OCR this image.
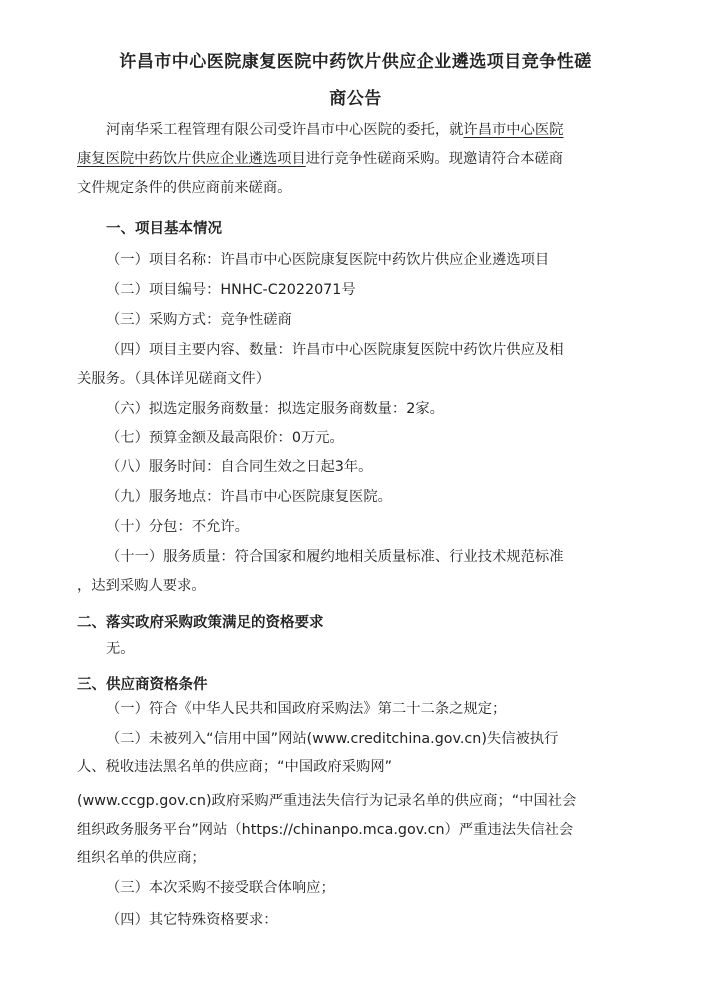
许昌市中心医院康复医院中药饮片供应企业遴选项目竞争性磋
商公告
河南华采工程管理有限公司受许昌市中心医院的委托，就许昌市中心医院
康复医院中药饮片供应企业遴选项目进行竞争性磋商采购。现邀请符合本磋商
文件规定条件的供应商前来磋商。
一、项目基本情况
（一）项目名称：许昌市中心医院康复医院中药饮片供应企业遴选项目
（二）项目编号：HNHC-C2022071号
（三）采购方式：竞争性磋商
（四）项目主要内容、数量：许昌市中心医院康复医院中药饮片供应及相
关服务。（具体详见磋商文件）
（六）拟选定服务商数量：拟选定服务商数量：2家。
（七）预算金额及最高限价：0万元。
（八）服务时间：自合同生效之日起3年。
（九）服务地点：许昌市中心医院康复医院。
（十）分包：不允许。
（十一）服务质量：符合国家和履约地相关质量标准、行业技术规范标准
，达到采购人要求。
二、落实政府采购政策满足的资格要求
无。
三、供应商资格条件
（一）符合《中华人民共和国政府采购法》第二十二条之规定；
（二）未被列入“信用中国”网站(www.creditchina.gov.cn)失信被执行
人、税收违法黑名单的供应商；“中国政府采购网”
(www.ccgp.gov.cn)政府采购严重违法失信行为记录名单的供应商；“中国社会
组织政务服务平台”网站（https://chinanpo.mca.gov.cn）严重违法失信社会
组织名单的供应商；
（三）本次采购不接受联合体响应；
（四）其它特殊资格要求：
